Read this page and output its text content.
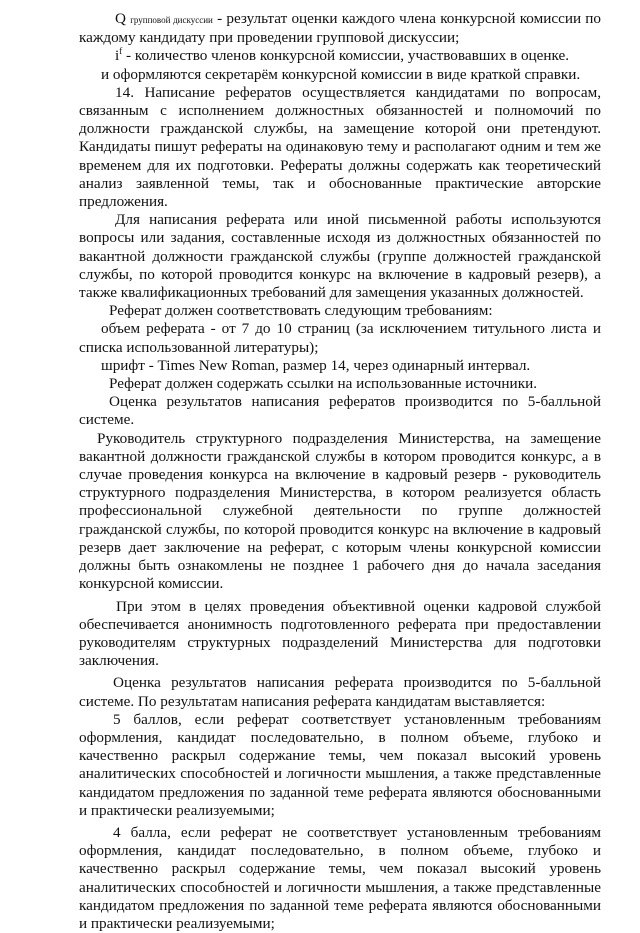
Q групповой дискуссии - результат оценки каждого члена конкурсной комиссии по каждому кандидату при проведении групповой дискуссии;

$i^f$ - количество членов конкурсной комиссии, участвовавших в оценке.

и оформляются секретарём конкурсной комиссии в виде краткой справки.

14. Написание рефератов осуществляется кандидатами по вопросам, связанным с исполнением должностных обязанностей и полномочий по должности гражданской службы, на замещение которой они претендуют. Кандидаты пишут рефераты на одинаковую тему и располагают одним и тем же временем для их подготовки. Рефераты должны содержать как теоретический анализ заявленной темы, так и обоснованные практические авторские предложения.

Для написания реферата или иной письменной работы используются вопросы или задания, составленные исходя из должностных обязанностей по вакантной должности гражданской службы (группе должностей гражданской службы, по которой проводится конкурс на включение в кадровый резерв), а также квалификационных требований для замещения указанных должностей.

Реферат должен соответствовать следующим требованиям:

объем реферата - от 7 до 10 страниц (за исключением титульного листа и списка использованной литературы);

шрифт - Times New Roman, размер 14, через одинарный интервал.

Реферат должен содержать ссылки на использованные источники.

Оценка результатов написания рефератов производится по 5-балльной системе.

Руководитель структурного подразделения Министерства, на замещение вакантной должности гражданской службы в котором проводится конкурс, а в случае проведения конкурса на включение в кадровый резерв - руководитель структурного подразделения Министерства, в котором реализуется область профессиональной служебной деятельности по группе должностей гражданской службы, по которой проводится конкурс на включение в кадровый резерв дает заключение на реферат, с которым члены конкурсной комиссии должны быть ознакомлены не позднее 1 рабочего дня до начала заседания конкурсной комиссии.

При этом в целях проведения объективной оценки кадровой службой обеспечивается анонимность подготовленного реферата при предоставлении руководителям структурных подразделений Министерства для подготовки заключения.

Оценка результатов написания реферата производится по 5-балльной системе. По результатам написания реферата кандидатам выставляется:

5 баллов, если реферат соответствует установленным требованиям оформления, кандидат последовательно, в полном объеме, глубоко и качественно раскрыл содержание темы, чем показал высокий уровень аналитических способностей и логичности мышления, а также представленные кандидатом предложения по заданной теме реферата являются обоснованными и практически реализуемыми;

4 балла, если реферат не соответствует установленным требованиям оформления, кандидат последовательно, в полном объеме, глубоко и качественно раскрыл содержание темы, чем показал высокий уровень аналитических способностей и логичности мышления, а также представленные кандидатом предложения по заданной теме реферата являются обоснованными и практически реализуемыми;
